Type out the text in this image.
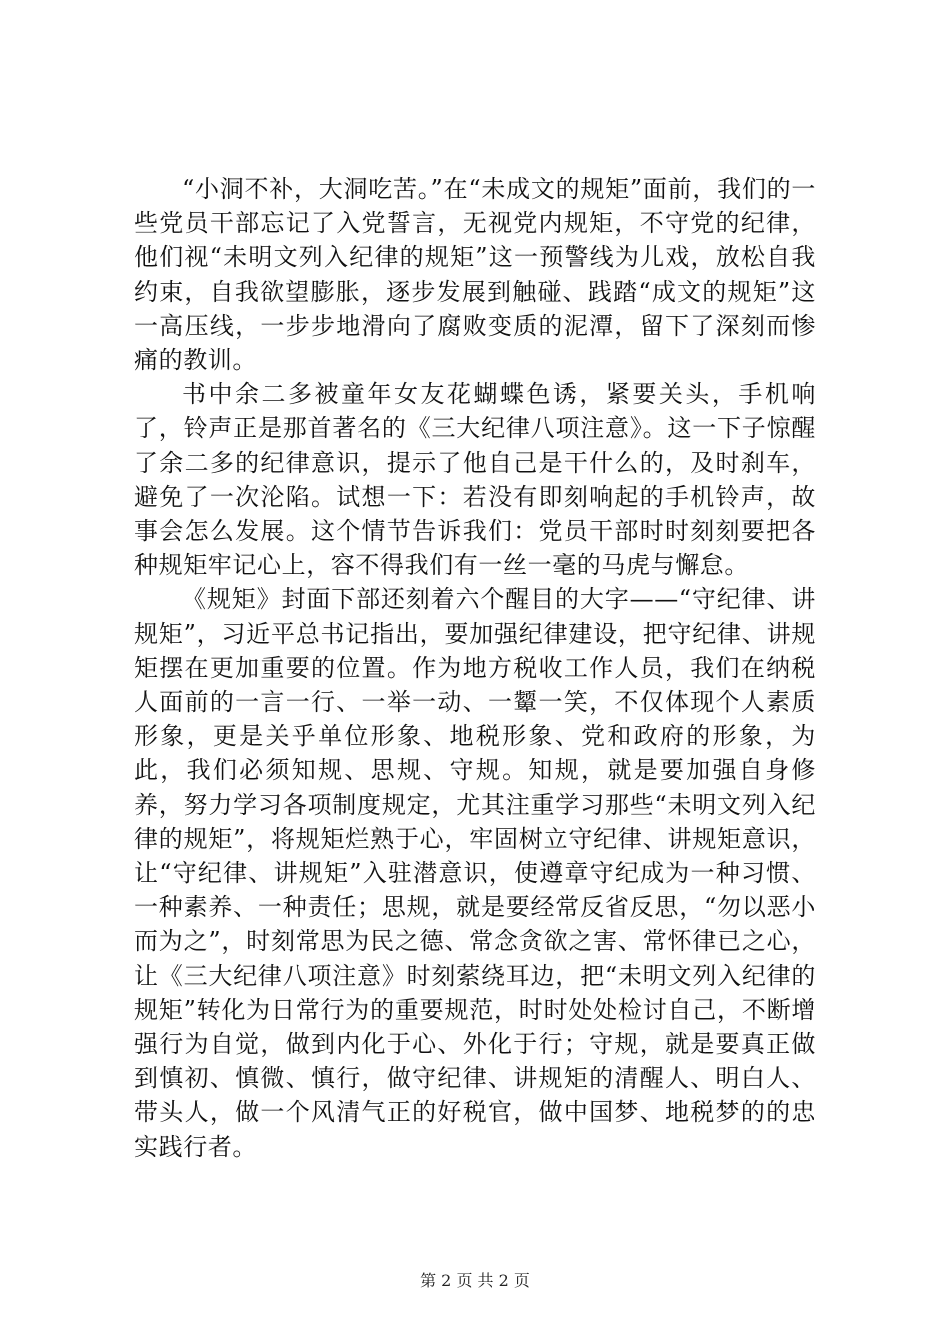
“小洞不补，大洞吃苦。”在“未成文的规矩”面前，我们的一些党员干部忘记了入党誓言，无视党内规矩，不守党的纪律，他们视“未明文列入纪律的规矩”这一预警线为儿戏，放松自我约束，自我欲望膨胀，逐步发展到触碰、践踏“成文的规矩”这一高压线，一步步地滑向了腐败变质的泥潭，留下了深刻而惨痛的教训。

书中余二多被童年女友花蝴蝶色诱，紧要关头，手机响了，铃声正是那首著名的《三大纪律八项注意》。这一下子惊醒了余二多的纪律意识，提示了他自己是干什么的，及时刹车，避免了一次沦陷。试想一下：若没有即刻响起的手机铃声，故事会怎么发展。这个情节告诉我们：党员干部时时刻刻要把各种规矩牢记心上，容不得我们有一丝一毫的马虎与懈怠。

《规矩》封面下部还刻着六个醒目的大字——“守纪律、讲规矩”，习近平总书记指出，要加强纪律建设，把守纪律、讲规矩摆在更加重要的位置。作为地方税收工作人员，我们在纳税人面前的一言一行、一举一动、一颦一笑，不仅体现个人素质形象，更是关乎单位形象、地税形象、党和政府的形象，为此，我们必须知规、思规、守规。知规，就是要加强自身修养，努力学习各项制度规定，尤其注重学习那些“未明文列入纪律的规矩”，将规矩烂熟于心，牢固树立守纪律、讲规矩意识，让“守纪律、讲规矩”入驻潜意识，使遵章守纪成为一种习惯、一种素养、一种责任；思规，就是要经常反省反思，“勿以恶小而为之”，时刻常思为民之德、常念贪欲之害、常怀律已之心，让《三大纪律八项注意》时刻萦绕耳边，把“未明文列入纪律的规矩”转化为日常行为的重要规范，时时处处检讨自己，不断增强行为自觉，做到内化于心、外化于行；守规，就是要真正做到慎初、慎微、慎行，做守纪律、讲规矩的清醒人、明白人、带头人，做一个风清气正的好税官，做中国梦、地税梦的的忠实践行者。

第 2 页 共 2 页
